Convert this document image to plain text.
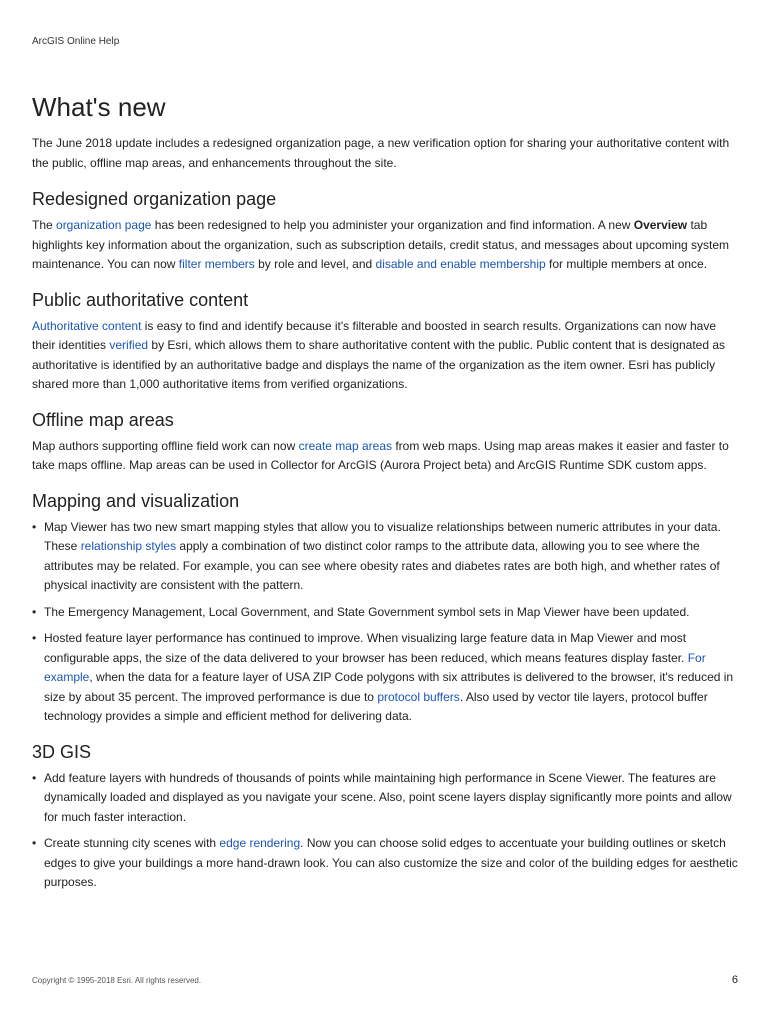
ArcGIS Online Help
What's new

The June 2018 update includes a redesigned organization page, a new verification option for sharing your authoritative content with the public, offline map areas, and enhancements throughout the site.

Redesigned organization page

The organization page has been redesigned to help you administer your organization and find information. A new Overview tab highlights key information about the organization, such as subscription details, credit status, and messages about upcoming system maintenance. You can now filter members by role and level, and disable and enable membership for multiple members at once.

Public authoritative content

Authoritative content is easy to find and identify because it's filterable and boosted in search results. Organizations can now have their identities verified by Esri, which allows them to share authoritative content with the public. Public content that is designated as authoritative is identified by an authoritative badge and displays the name of the organization as the item owner. Esri has publicly shared more than 1,000 authoritative items from verified organizations.

Offline map areas

Map authors supporting offline field work can now create map areas from web maps. Using map areas makes it easier and faster to take maps offline. Map areas can be used in Collector for ArcGIS (Aurora Project beta) and ArcGIS Runtime SDK custom apps.

Mapping and visualization
• Map Viewer has two new smart mapping styles that allow you to visualize relationships between numeric attributes in your data. These relationship styles apply a combination of two distinct color ramps to the attribute data, allowing you to see where the attributes may be related. For example, you can see where obesity rates and diabetes rates are both high, and whether rates of physical inactivity are consistent with the pattern.
• The Emergency Management, Local Government, and State Government symbol sets in Map Viewer have been updated.
• Hosted feature layer performance has continued to improve. When visualizing large feature data in Map Viewer and most configurable apps, the size of the data delivered to your browser has been reduced, which means features display faster. For example, when the data for a feature layer of USA ZIP Code polygons with six attributes is delivered to the browser, it's reduced in size by about 35 percent. The improved performance is due to protocol buffers. Also used by vector tile layers, protocol buffer technology provides a simple and efficient method for delivering data.
3D GIS
• Add feature layers with hundreds of thousands of points while maintaining high performance in Scene Viewer. The features are dynamically loaded and displayed as you navigate your scene. Also, point scene layers display significantly more points and allow for much faster interaction.
• Create stunning city scenes with edge rendering. Now you can choose solid edges to accentuate your building outlines or sketch edges to give your buildings a more hand-drawn look. You can also customize the size and color of the building edges for aesthetic purposes.
Copyright © 1995-2018 Esri. All rights reserved.	6
